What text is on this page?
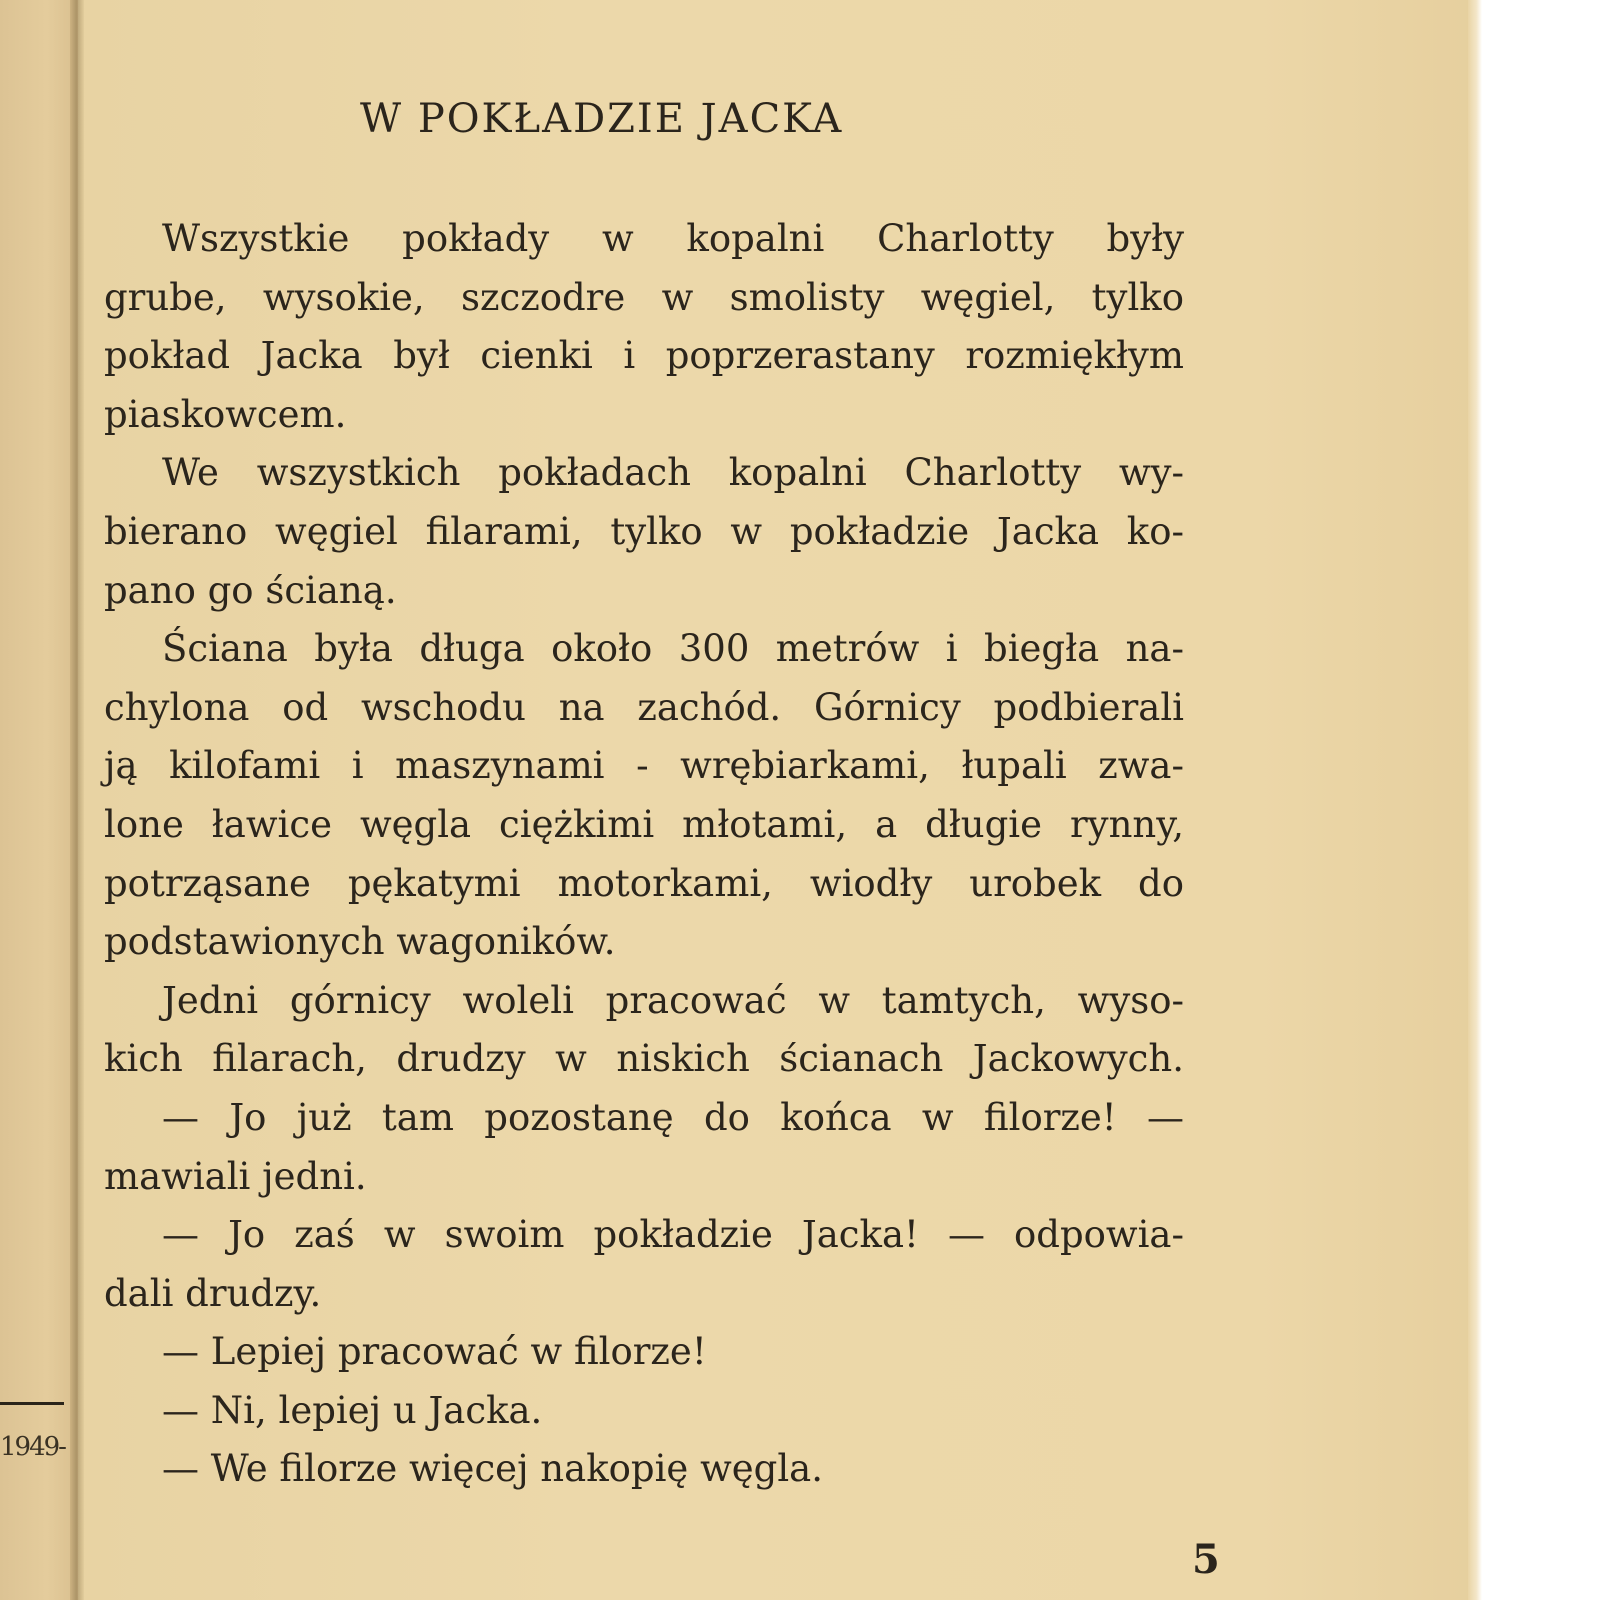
1949-
W POKŁADZIE JACKA
Wszystkie pokłady w kopalni Charlotty były
grube, wysokie, szczodre w smolisty węgiel, tylko
pokład Jacka był cienki i poprzerastany rozmiękłym
piaskowcem.
We wszystkich pokładach kopalni Charlotty wy-
bierano węgiel filarami, tylko w pokładzie Jacka ko-
pano go ścianą.
Ściana była długa około 300 metrów i biegła na-
chylona od wschodu na zachód. Górnicy podbierali
ją kilofami i maszynami - wrębiarkami, łupali zwa-
lone ławice węgla ciężkimi młotami, a długie rynny,
potrząsane pękatymi motorkami, wiodły urobek do
podstawionych wagoników.
Jedni górnicy woleli pracować w tamtych, wyso-
kich filarach, drudzy w niskich ścianach Jackowych.
— Jo już tam pozostanę do końca w filorze! —
mawiali jedni.
— Jo zaś w swoim pokładzie Jacka! — odpowia-
dali drudzy.
— Lepiej pracować w filorze!
— Ni, lepiej u Jacka.
— We filorze więcej nakopię węgla.
5
